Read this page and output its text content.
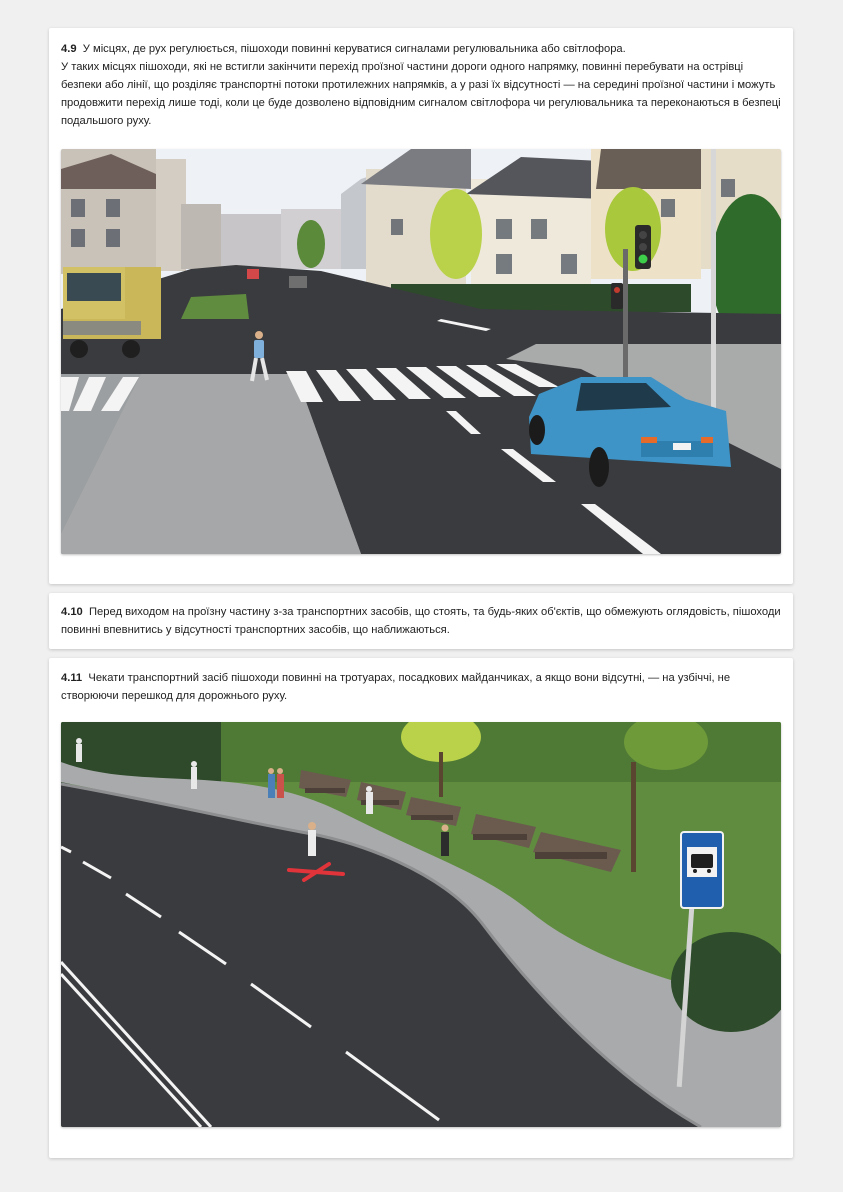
4.9 У місцях, де рух регулюється, пішоходи повинні керуватися сигналами регулювальника або світлофора.

У таких місцях пішоходи, які не встигли закінчити перехід проїзної частини дороги одного напрямку, повинні перебувати на острівці безпеки або лінії, що розділяє транспортні потоки протилежних напрямків, а у разі їх відсутності — на середині проїзної частини і можуть продовжити перехід лише тоді, коли це буде дозволено відповідним сигналом світлофора чи регулювальника та переконаються в безпеці подальшого руху.

4.10 Перед виходом на проїзну частину з-за транспортних засобів, що стоять, та будь-яких об'єктів, що обмежують оглядовість, пішоходи повинні впевнитись у відсутності транспортних засобів, що наближаються.

4.11 Чекати транспортний засіб пішоходи повинні на тротуарах, посадкових майданчиках, а якщо вони відсутні, — на узбіччі, не створюючи перешкод для дорожнього руху.
